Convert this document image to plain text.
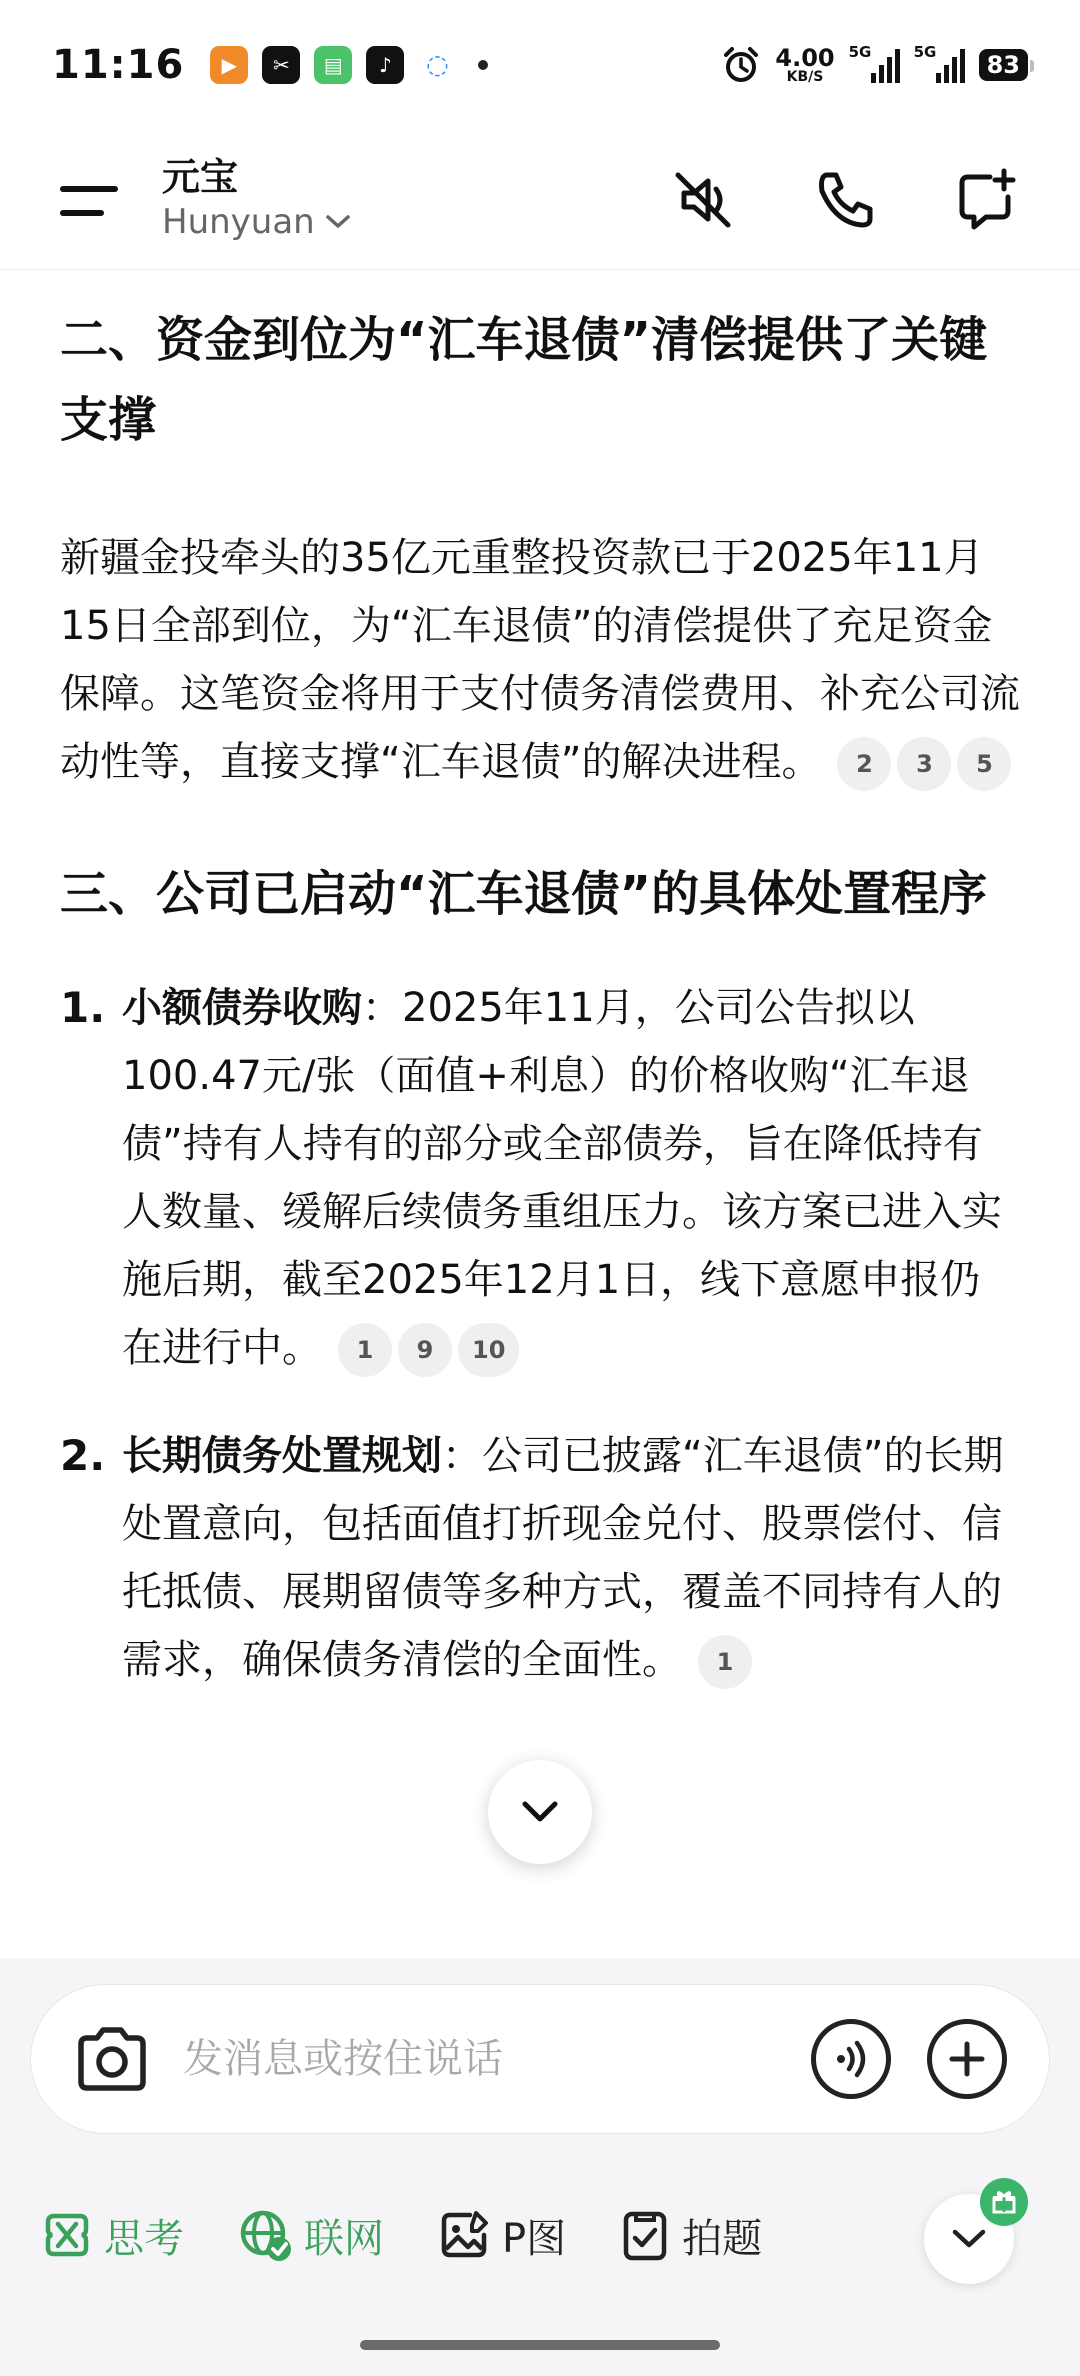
11:16	▶	✂	▤	♪	◌	4.00
KB/S
5G	5G	83
元宝
Hunyuan
二、资金到位为“汇车退债”清偿提供了关键支撑

新疆金投牵头的35亿元重整投资款已于2025年11月15日全部到位，为“汇车退债”的清偿提供了充足资金保障。这笔资金将用于支付债务清偿费用、补充公司流动性等，直接支撑“汇车退债”的解决进程。 2 3 5

三、公司已启动“汇车退债”的具体处置程序
1. 小额债券收购：2025年11月，公司公告拟以100.47元/张（面值+利息）的价格收购“汇车退债”持有人持有的部分或全部债券，旨在降低持有人数量、缓解后续债务重组压力。该方案已进入实施后期，截至2025年12月1日，线下意愿申报仍在进行中。 1 9 10
2. 长期债务处置规划：公司已披露“汇车退债”的长期处置意向，包括面值打折现金兑付、股票偿付、信托抵债、展期留债等多种方式，覆盖不同持有人的需求，确保债务清偿的全面性。 1
发消息或按住说话
思考	联网	P图	拍题
